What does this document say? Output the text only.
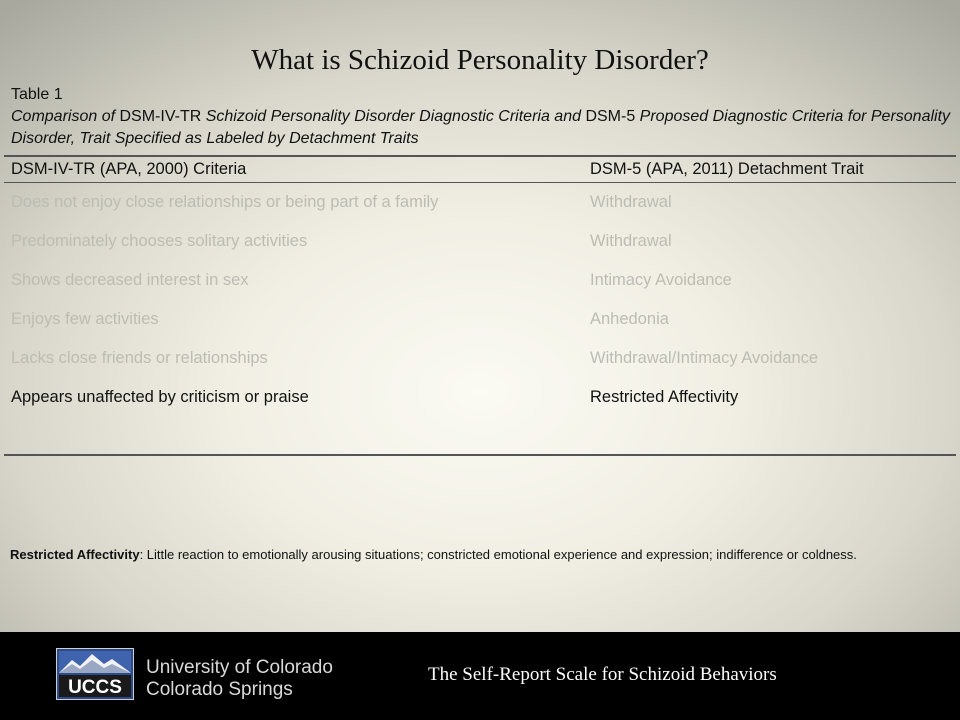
What is Schizoid Personality Disorder?
Table 1
Comparison of DSM-IV-TR Schizoid Personality Disorder Diagnostic Criteria and DSM-5 Proposed Diagnostic Criteria for Personality Disorder, Trait Specified as Labeled by Detachment Traits
DSM-IV-TR (APA, 2000) Criteria	DSM-5 (APA, 2011) Detachment Trait
Does not enjoy close relationships or being part of a family	Withdrawal
Predominately chooses solitary activities	Withdrawal
Shows decreased interest in sex	Intimacy Avoidance
Enjoys few activities	Anhedonia
Lacks close friends or relationships	Withdrawal/Intimacy Avoidance
Appears unaffected by criticism or praise	Restricted Affectivity
Restricted Affectivity: Little reaction to emotionally arousing situations; constricted emotional experience and expression; indifference or coldness.
UCCS
University of Colorado
Colorado Springs
The Self-Report Scale for Schizoid Behaviors
